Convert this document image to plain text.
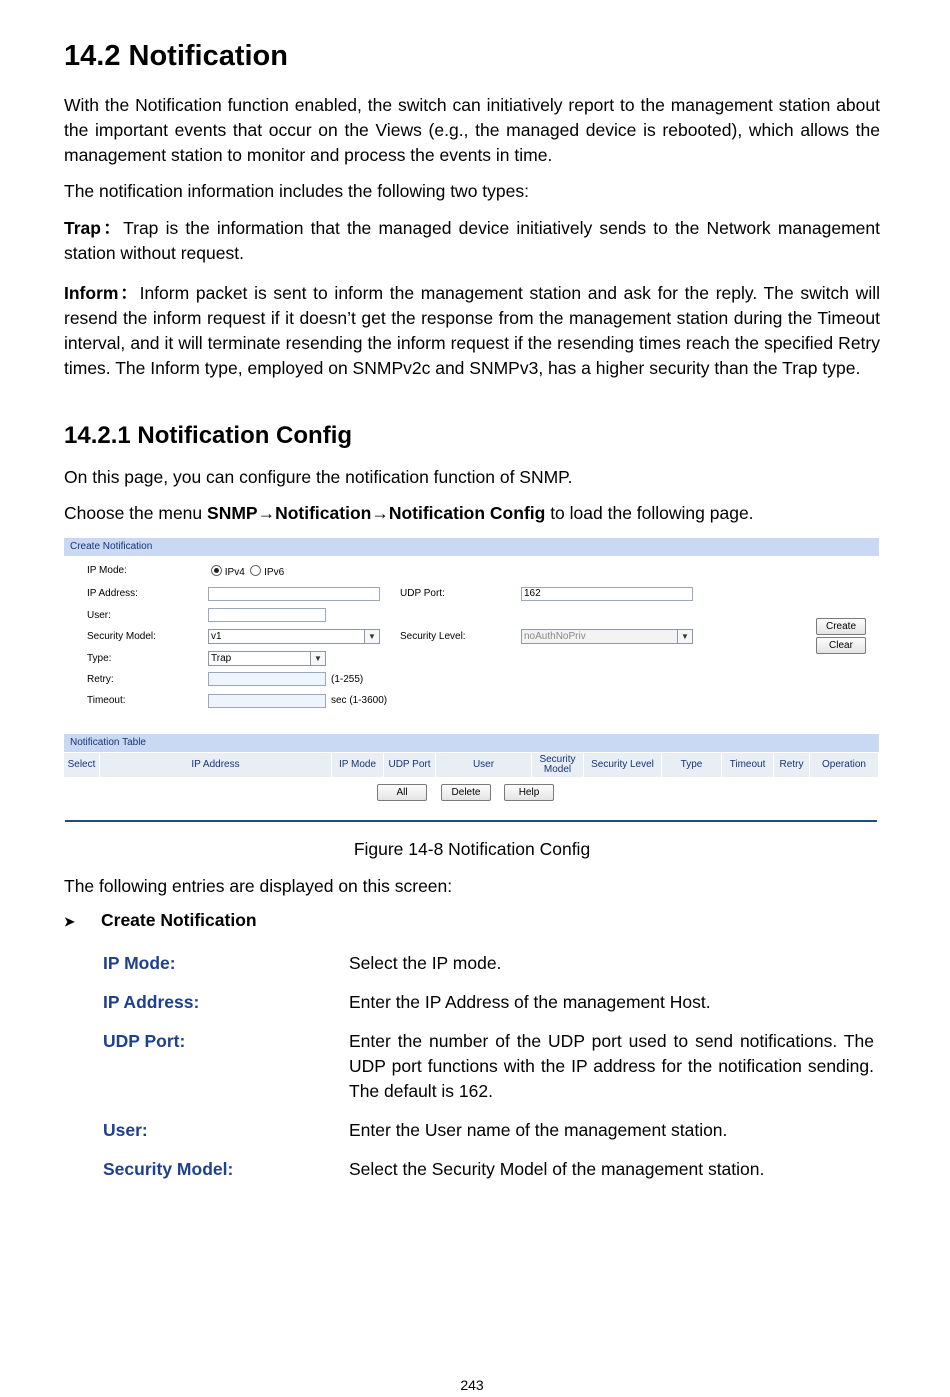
14.2 Notification

With the Notification function enabled, the switch can initiatively report to the management station about the important events that occur on the Views (e.g., the managed device is rebooted), which allows the management station to monitor and process the events in time.

The notification information includes the following two types:

Trap：Trap is the information that the managed device initiatively sends to the Network management station without request.

Inform：Inform packet is sent to inform the management station and ask for the reply. The switch will resend the inform request if it doesn’t get the response from the management station during the Timeout interval, and it will terminate resending the inform request if the resending times reach the specified Retry times. The Inform type, employed on SNMPv2c and SNMPv3, has a higher security than the Trap type.

14.2.1 Notification Config

On this page, you can configure the notification function of SNMP.

Choose the menu SNMP→Notification→Notification Config to load the following page.

Create Notification
IP Mode:	IPv4 IPv6
IP Address:	UDP Port:	162
User:
Security Model:	v1	▼	Security Level:	noAuthNoPriv	▼
Create
Clear
Type:	Trap	▼
Retry:	(1-255)
Timeout:	sec (1-3600)
Notification Table
Select	IP Address	IP Mode	UDP Port	User	Security Model	Security Level	Type	Timeout	Retry	Operation
All	Delete	Help
Figure 14-8 Notification Config

The following entries are displayed on this screen:

➤ Create Notification
IP Mode:	Select the IP mode.
IP Address:	Enter the IP Address of the management Host.
UDP Port:	Enter the number of the UDP port used to send notifications. The UDP port functions with the IP address for the notification sending. The default is 162.
User:	Enter the User name of the management station.
Security Model:	Select the Security Model of the management station.
243
